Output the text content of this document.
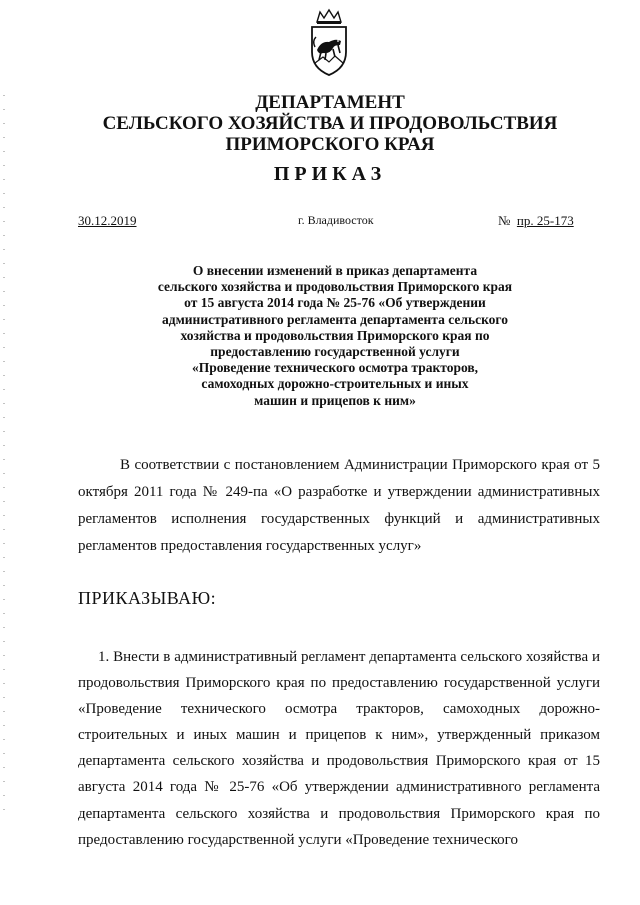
ДЕПАРТАМЕНТ
СЕЛЬСКОГО ХОЗЯЙСТВА И ПРОДОВОЛЬСТВИЯ
ПРИМОРСКОГО КРАЯ
ПРИКАЗ
30.12.2019	г. Владивосток	№ пр. 25-173
О внесении изменений в приказ департамента
сельского хозяйства и продовольствия Приморского края
от 15 августа 2014 года № 25-76 «Об утверждении
административного регламента департамента сельского
хозяйства и продовольствия Приморского края по
предоставлению государственной услуги
«Проведение технического осмотра тракторов,
самоходных дорожно-строительных и иных
машин и прицепов к ним»
В соответствии с постановлением Администрации Приморского края от 5 октября 2011 года № 249-па «О разработке и утверждении административных регламентов исполнения государственных функций и административных регламентов предоставления государственных услуг»
ПРИКАЗЫВАЮ:
1. Внести в административный регламент департамента сельского хозяйства и продовольствия Приморского края по предоставлению государственной услуги «Проведение технического осмотра тракторов, самоходных дорожно-строительных и иных машин и прицепов к ним», утвержденный приказом департамента сельского хозяйства и продовольствия Приморского края от 15 августа 2014 года № 25-76 «Об утверждении административного регламента департамента сельского хозяйства и продовольствия Приморского края по предоставлению государственной услуги «Проведение технического
